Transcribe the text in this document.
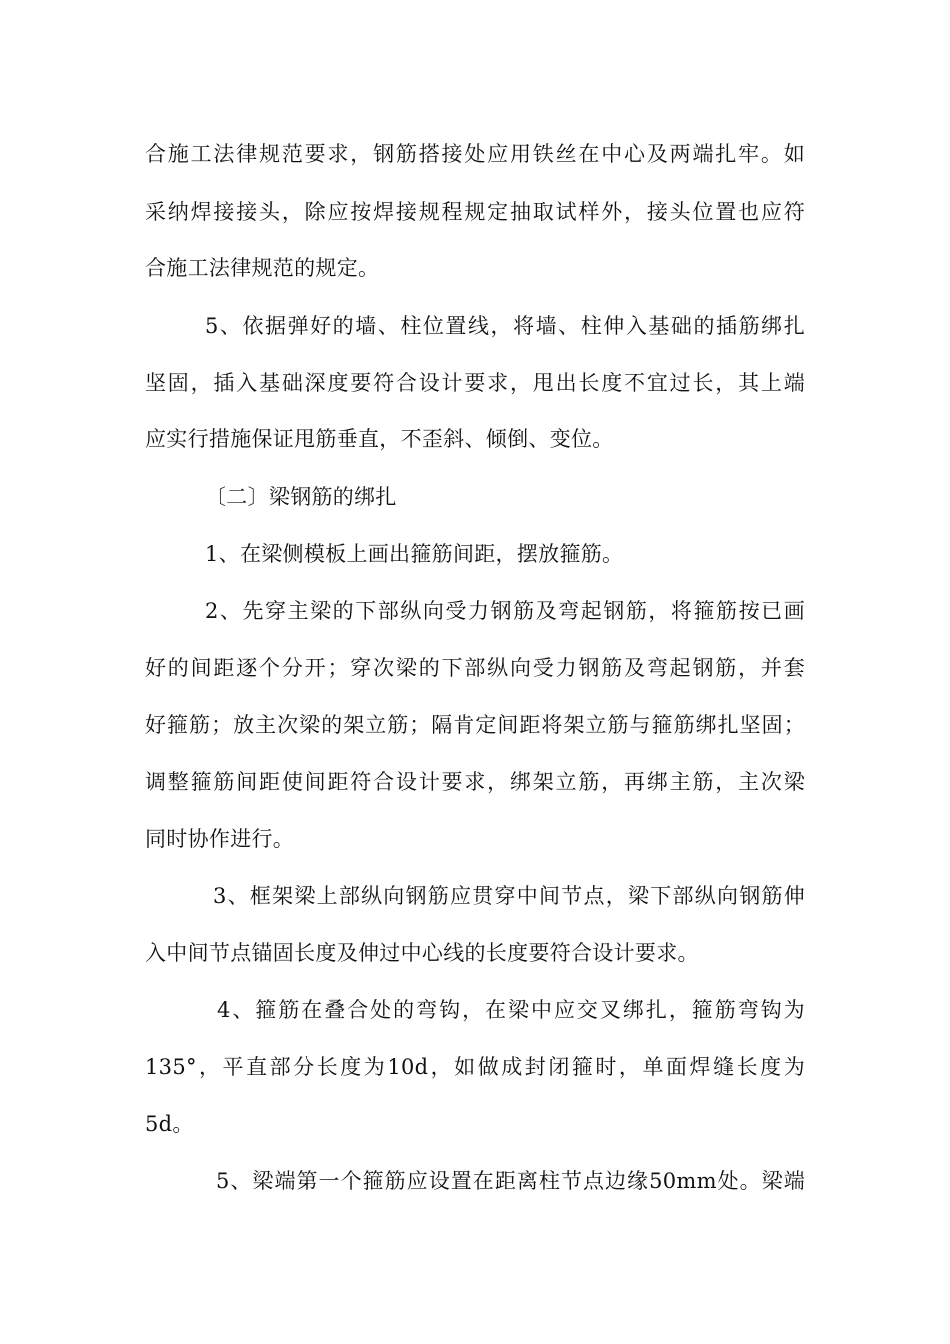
合施工法律规范要求，钢筋搭接处应用铁丝在中心及两端扎牢。如
采纳焊接接头，除应按焊接规程规定抽取试样外，接头位置也应符
合施工法律规范的规定。
5、依据弹好的墙、柱位置线，将墙、柱伸入基础的插筋绑扎
坚固，插入基础深度要符合设计要求，甩出长度不宜过长，其上端
应实行措施保证甩筋垂直，不歪斜、倾倒、变位。
〔二〕梁钢筋的绑扎
1、在梁侧模板上画出箍筋间距，摆放箍筋。
2、先穿主梁的下部纵向受力钢筋及弯起钢筋，将箍筋按已画
好的间距逐个分开；穿次梁的下部纵向受力钢筋及弯起钢筋，并套
好箍筋；放主次梁的架立筋；隔肯定间距将架立筋与箍筋绑扎坚固；
调整箍筋间距使间距符合设计要求，绑架立筋，再绑主筋，主次梁
同时协作进行。
3、框架梁上部纵向钢筋应贯穿中间节点，梁下部纵向钢筋伸
入中间节点锚固长度及伸过中心线的长度要符合设计要求。
4、箍筋在叠合处的弯钩，在梁中应交叉绑扎，箍筋弯钩为
135°，平直部分长度为10d，如做成封闭箍时，单面焊缝长度为
5d。
5、梁端第一个箍筋应设置在距离柱节点边缘50mm处。梁端
